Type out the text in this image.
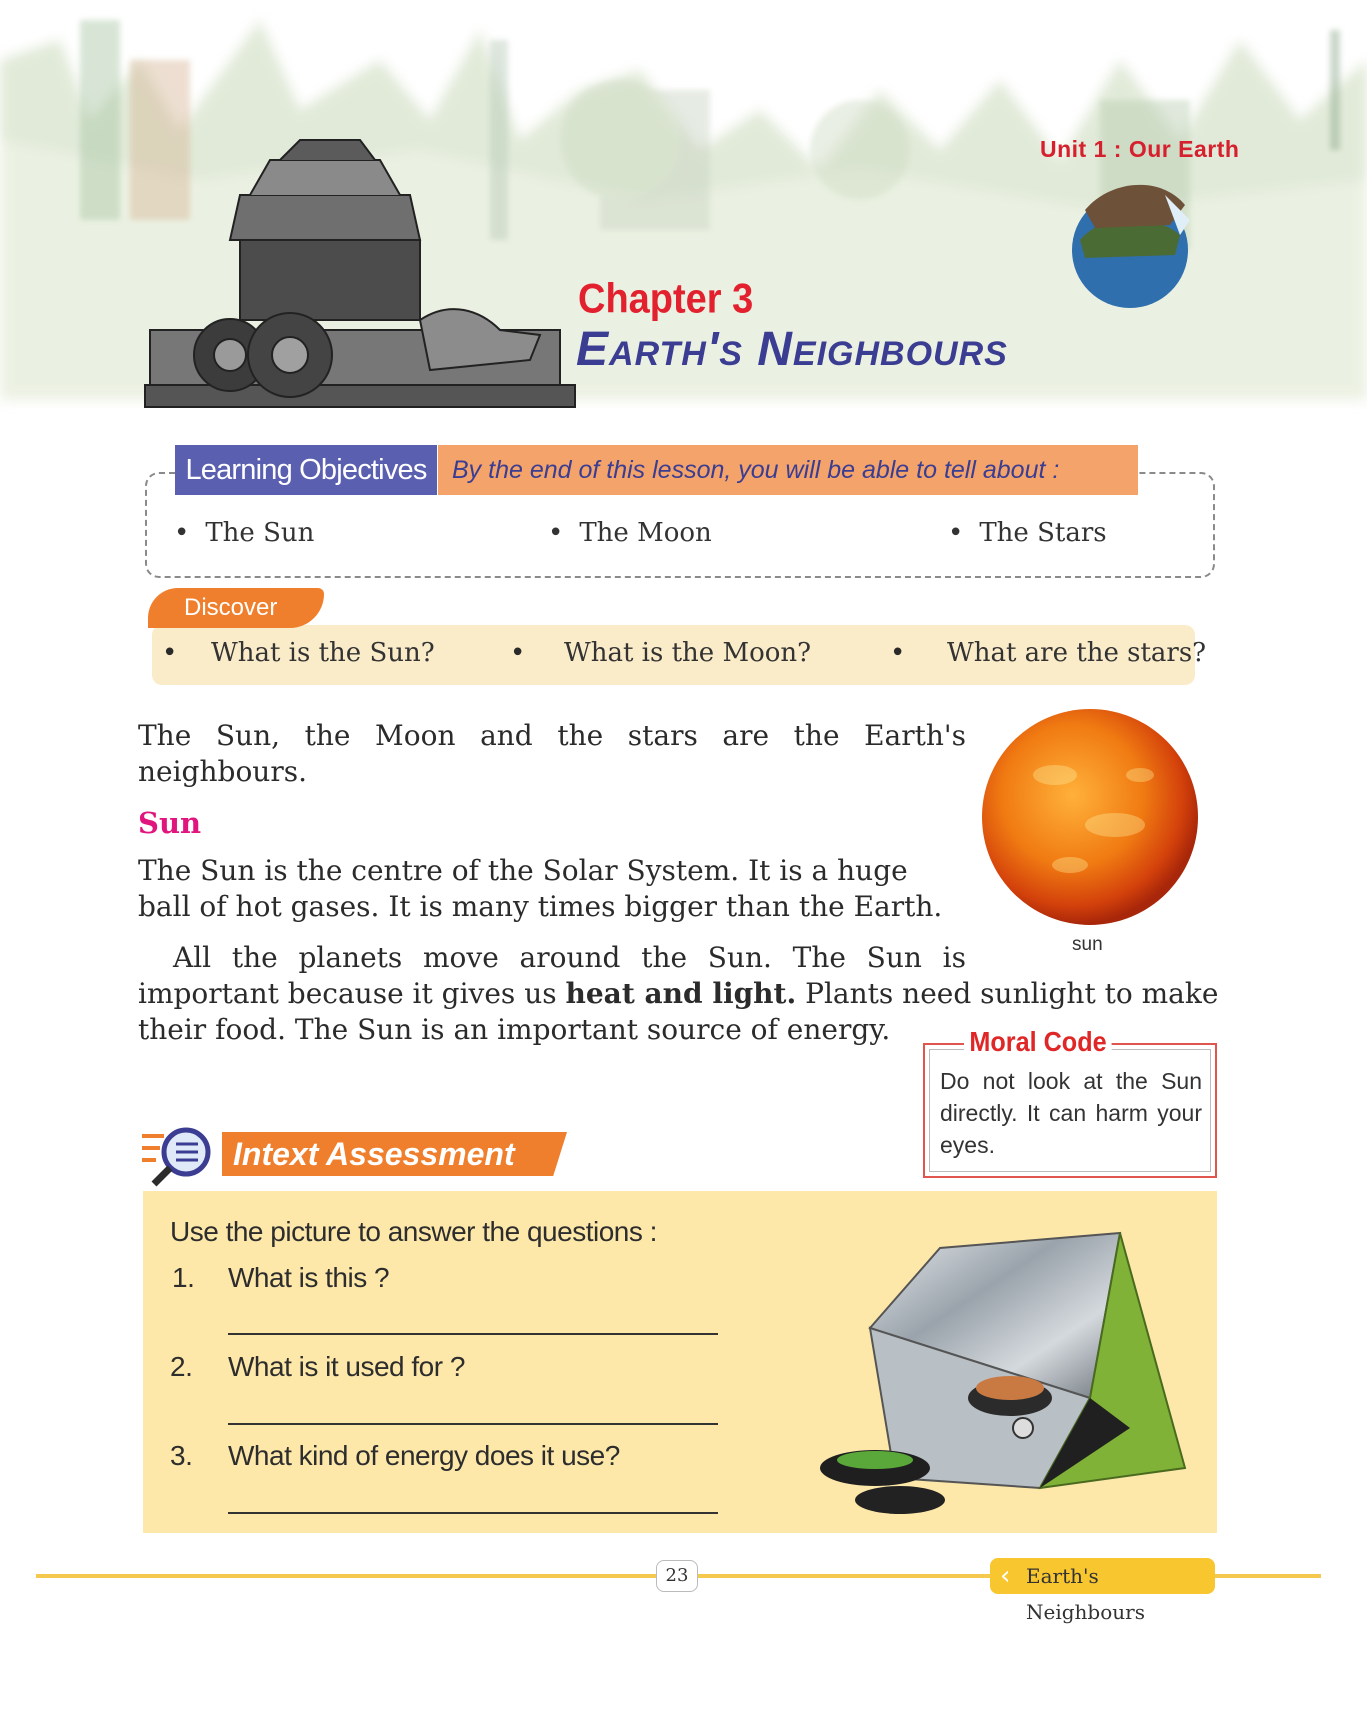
Unit 1 : Our Earth
Chapter 3
Earth's Neighbours
Learning Objectives	By the end of this lesson, you will be able to tell about :
• The Sun	• The Moon	• The Stars
Discover
• What is the Sun?	• What is the Moon?	• What are the stars?
The Sun, the Moon and the stars are the Earth's neighbours.
Sun
The Sun is the centre of the Solar System. It is a huge ball of hot gases. It is many times bigger than the Earth.
All the planets move around the Sun. The Sun is
important because it gives us heat and light. Plants need sunlight to make
their food. The Sun is an important source of energy.
sun
Moral Code
Do not look at the Sun directly. It can harm your eyes.
Intext Assessment
Use the picture to answer the questions :
1. What is this ?
2. What is it used for ?
3. What kind of energy does it use?
23	Earth's Neighbours
‹
